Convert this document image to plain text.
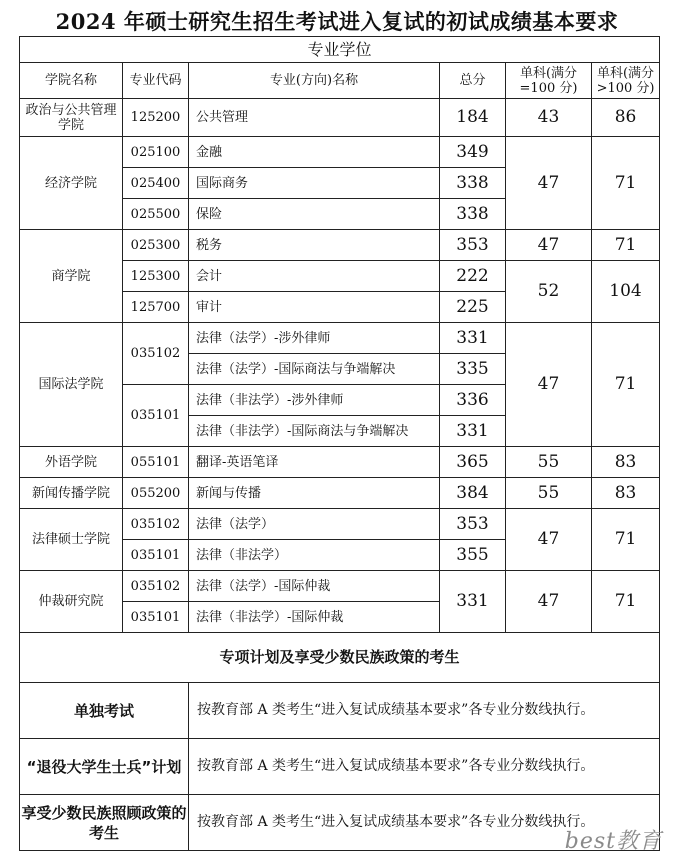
2024 年硕士研究生招生考试进入复试的初试成绩基本要求
专业学位					
学院名称	专业代码	专业(方向)名称	总分	单科(满分=100 分)	单科(满分>100 分)
政治与公共管理学院	125200	公共管理	184	43	86
经济学院	025100	金融	349	47	71
	025400	国际商务	338		
	025500	保险	338		
商学院	025300	税务	353	47	71
	125300	会计	222	52	104
	125700	审计	225		
国际法学院	035102	法律（法学）-涉外律师	331	47	71
		法律（法学）-国际商法与争端解决	335		
	035101	法律（非法学）-涉外律师	336		
		法律（非法学）-国际商法与争端解决	331		
外语学院	055101	翻译-英语笔译	365	55	83
新闻传播学院	055200	新闻与传播	384	55	83
法律硕士学院	035102	法律（法学）	353	47	71
	035101	法律（非法学）	355		
仲裁研究院	035102	法律（法学）-国际仲裁	331	47	71
	035101	法律（非法学）-国际仲裁			
专项计划及享受少数民族政策的考生					
单独考试		按教育部 A 类考生“进入复试成绩基本要求”各专业分数线执行。			
“退役大学生士兵”计划		按教育部 A 类考生“进入复试成绩基本要求”各专业分数线执行。			
享受少数民族照顾政策的考生		按教育部 A 类考生“进入复试成绩基本要求”各专业分数线执行。			
best教育
